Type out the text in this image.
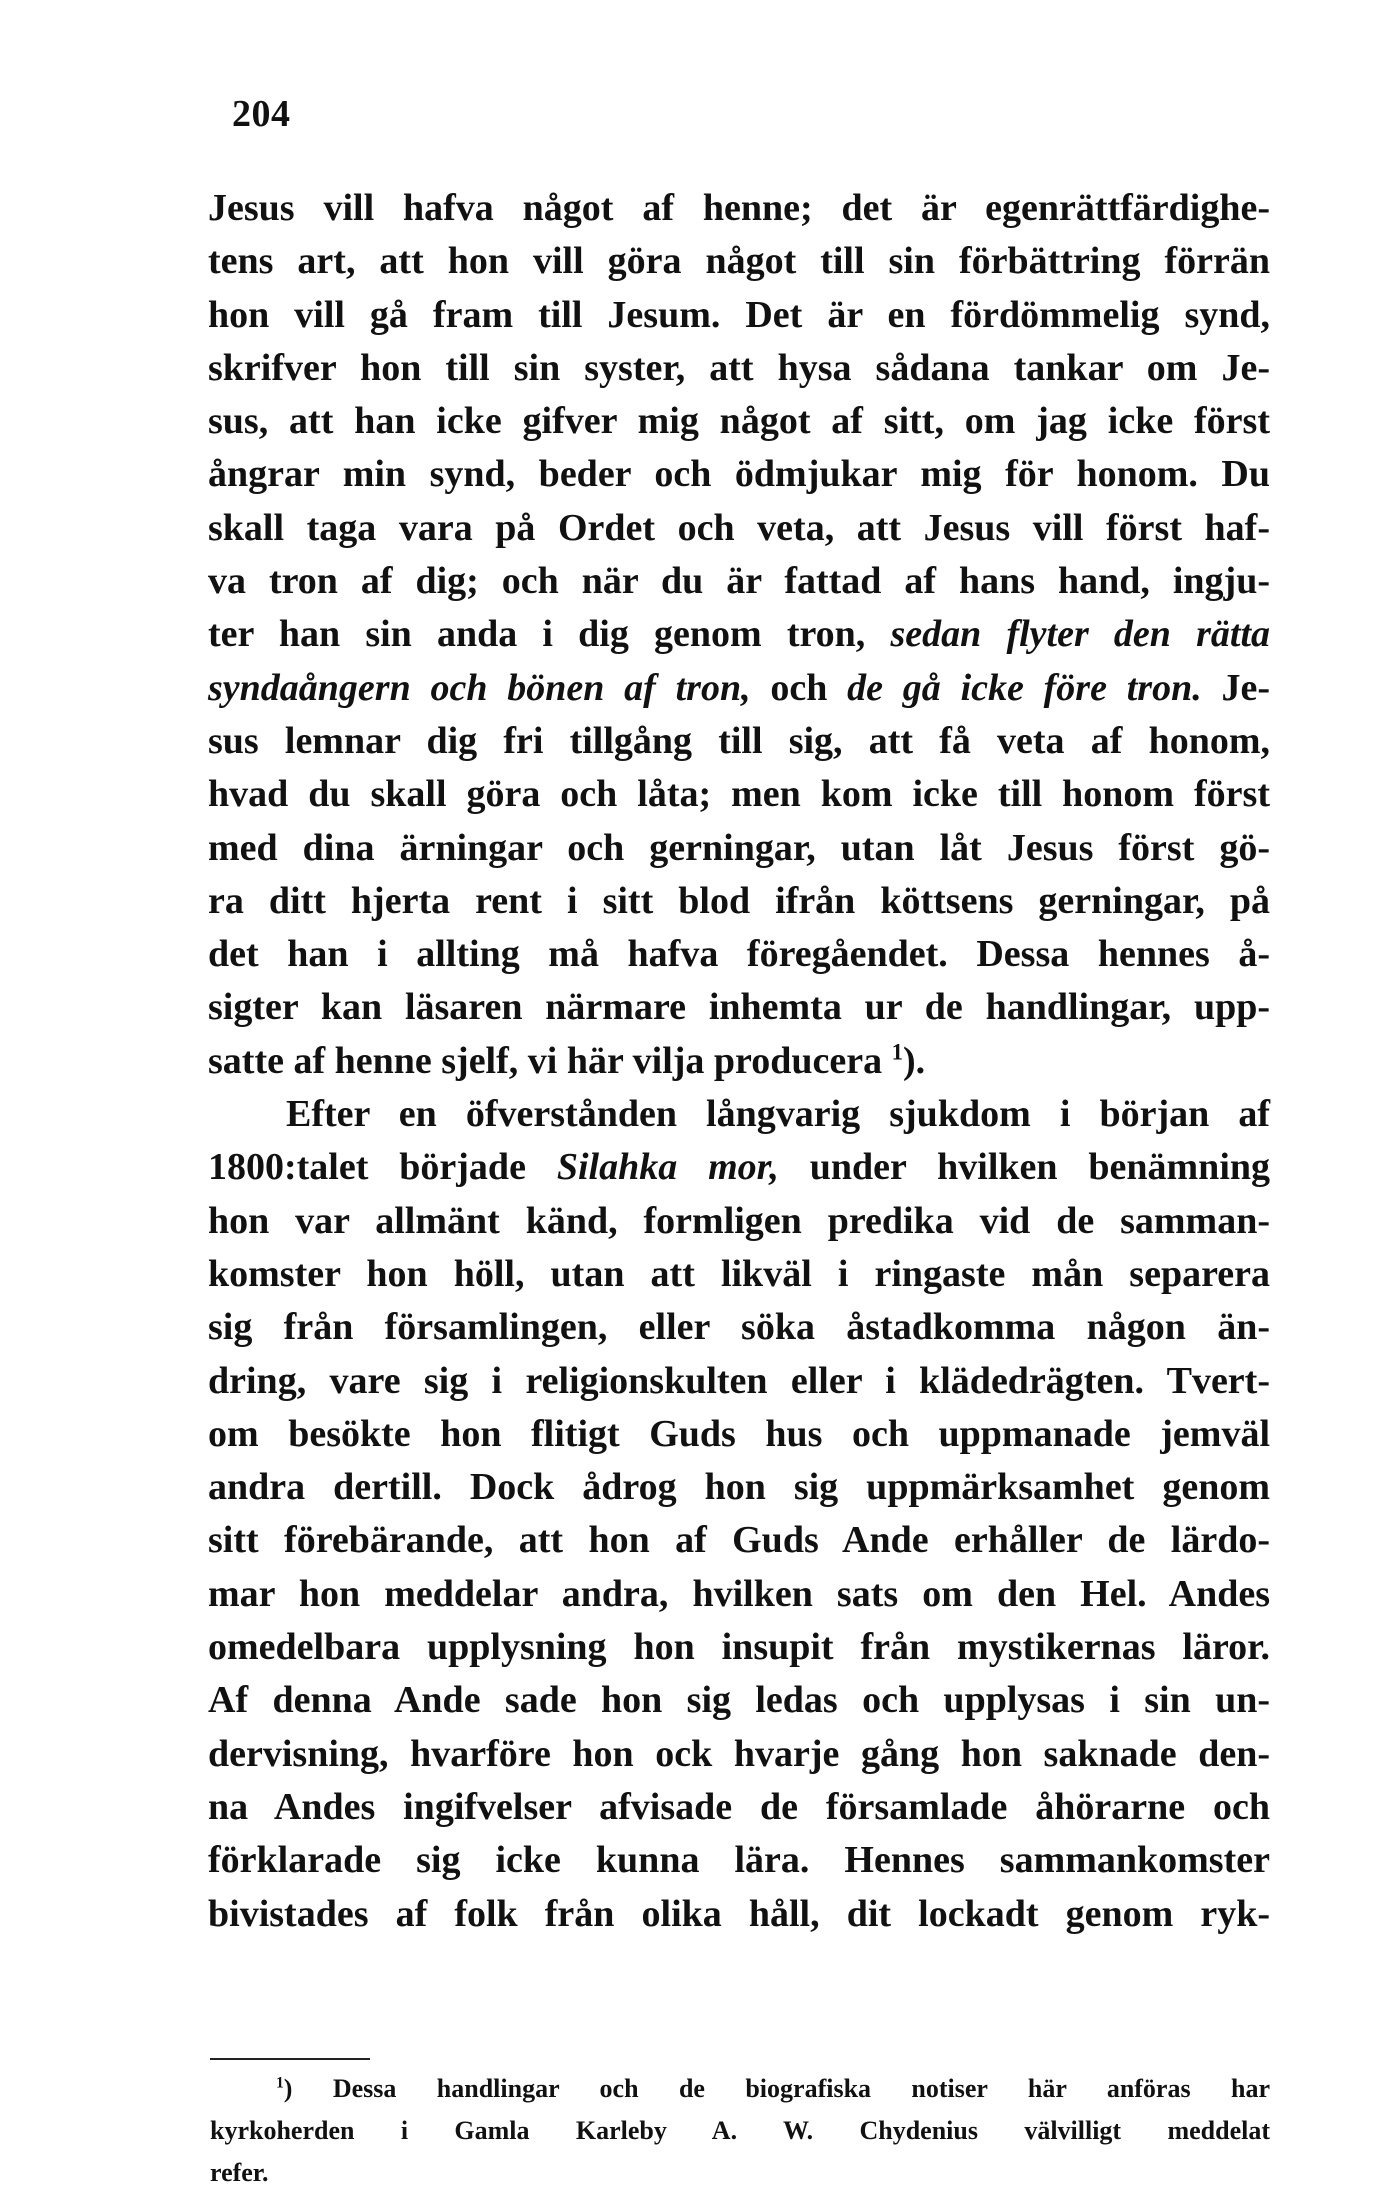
204
Jesus vill hafva något af henne; det är egenrättfärdighe-
tens art, att hon vill göra något till sin förbättring förrän
hon vill gå fram till Jesum. Det är en fördömmelig synd,
skrifver hon till sin syster, att hysa sådana tankar om Je-
sus, att han icke gifver mig något af sitt, om jag icke först
ångrar min synd, beder och ödmjukar mig för honom. Du
skall taga vara på Ordet och veta, att Jesus vill först haf-
va tron af dig; och när du är fattad af hans hand, ingju-
ter han sin anda i dig genom tron, sedan flyter den rätta
syndaångern och bönen af tron, och de gå icke före tron. Je-
sus lemnar dig fri tillgång till sig, att få veta af honom,
hvad du skall göra och låta; men kom icke till honom först
med dina ärningar och gerningar, utan låt Jesus först gö-
ra ditt hjerta rent i sitt blod ifrån köttsens gerningar, på
det han i allting må hafva föregåendet. Dessa hennes å-
sigter kan läsaren närmare inhemta ur de handlingar, upp-
satte af henne sjelf, vi här vilja producera $^1$).
Efter en öfverstånden långvarig sjukdom i början af
1800:talet började Silahka mor, under hvilken benämning
hon var allmänt känd, formligen predika vid de samman-
komster hon höll, utan att likväl i ringaste mån separera
sig från församlingen, eller söka åstadkomma någon än-
dring, vare sig i religionskulten eller i klädedrägten. Tvert-
om besökte hon flitigt Guds hus och uppmanade jemväl
andra dertill. Dock ådrog hon sig uppmärksamhet genom
sitt förebärande, att hon af Guds Ande erhåller de lärdo-
mar hon meddelar andra, hvilken sats om den Hel. Andes
omedelbara upplysning hon insupit från mystikernas läror.
Af denna Ande sade hon sig ledas och upplysas i sin un-
dervisning, hvarföre hon ock hvarje gång hon saknade den-
na Andes ingifvelser afvisade de församlade åhörarne och
förklarade sig icke kunna lära. Hennes sammankomster
bivistades af folk från olika håll, dit lockadt genom ryk-
$^1$) Dessa handlingar och de biografiska notiser här anföras har
kyrkoherden i Gamla Karleby A. W. Chydenius välvilligt meddelat
refer.
